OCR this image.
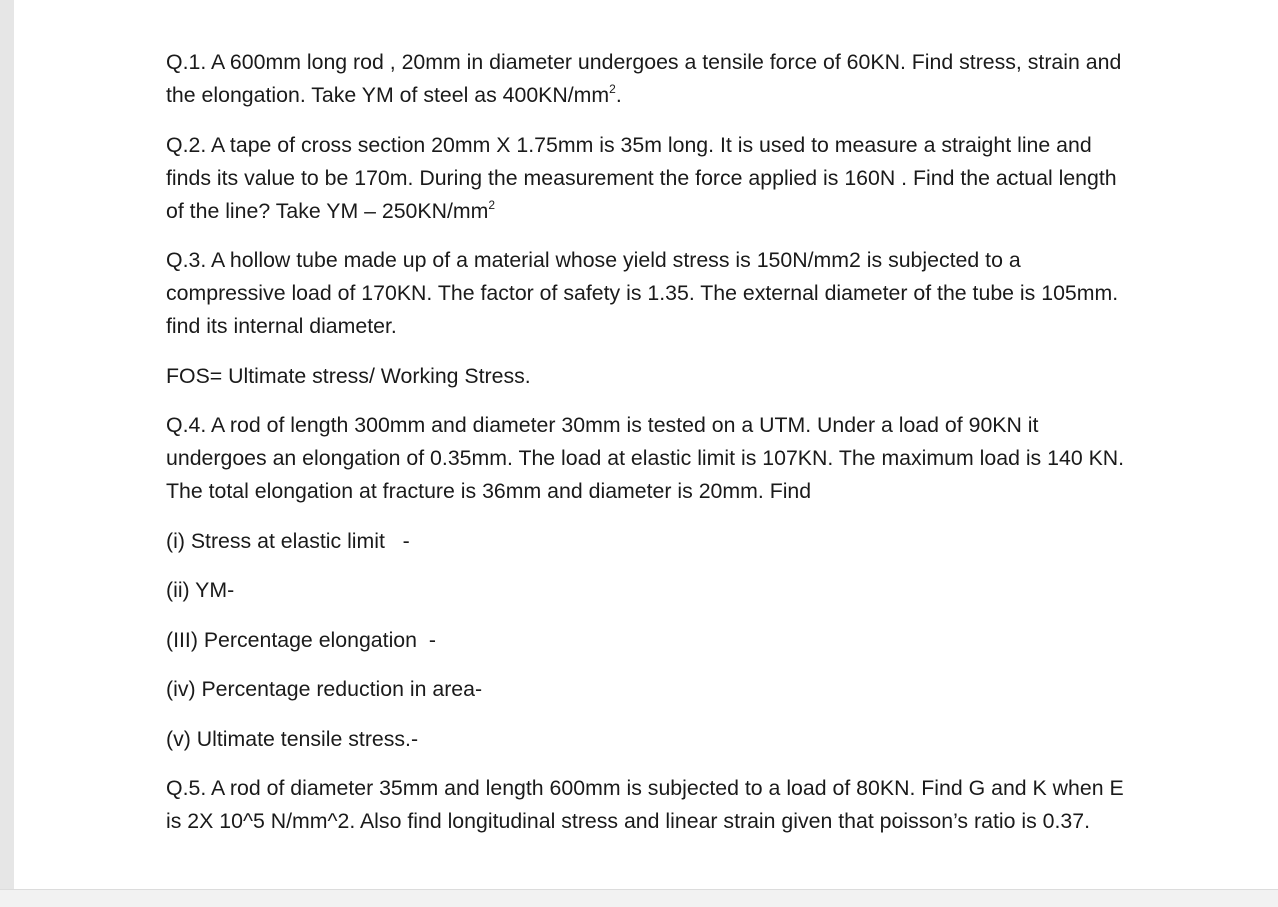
Q.1. A 600mm long rod , 20mm in diameter undergoes a tensile force of 60KN. Find stress, strain and the elongation. Take YM of steel as $400KN/mm^2$.

Q.2. A tape of cross section 20mm X 1.75mm is 35m long. It is used to measure a straight line and finds its value to be 170m. During the measurement the force applied is 160N . Find the actual length of the line? Take YM – $250KN/mm^2$

Q.3. A hollow tube made up of a material whose yield stress is 150N/mm2 is subjected to a compressive load of 170KN. The factor of safety is 1.35. The external diameter of the tube is 105mm. find its internal diameter.

FOS= Ultimate stress/ Working Stress.

Q.4. A rod of length 300mm and diameter 30mm is tested on a UTM. Under a load of 90KN it undergoes an elongation of 0.35mm. The load at elastic limit is 107KN. The maximum load is 140 KN. The total elongation at fracture is 36mm and diameter is 20mm. Find

(i) Stress at elastic limit   -

(ii) YM-

(III) Percentage elongation  -

(iv) Percentage reduction in area-

(v) Ultimate tensile stress.-

Q.5. A rod of diameter 35mm and length 600mm is subjected to a load of 80KN. Find G and K when E is 2X 10^5 N/mm^2. Also find longitudinal stress and linear strain given that poisson’s ratio is 0.37.
